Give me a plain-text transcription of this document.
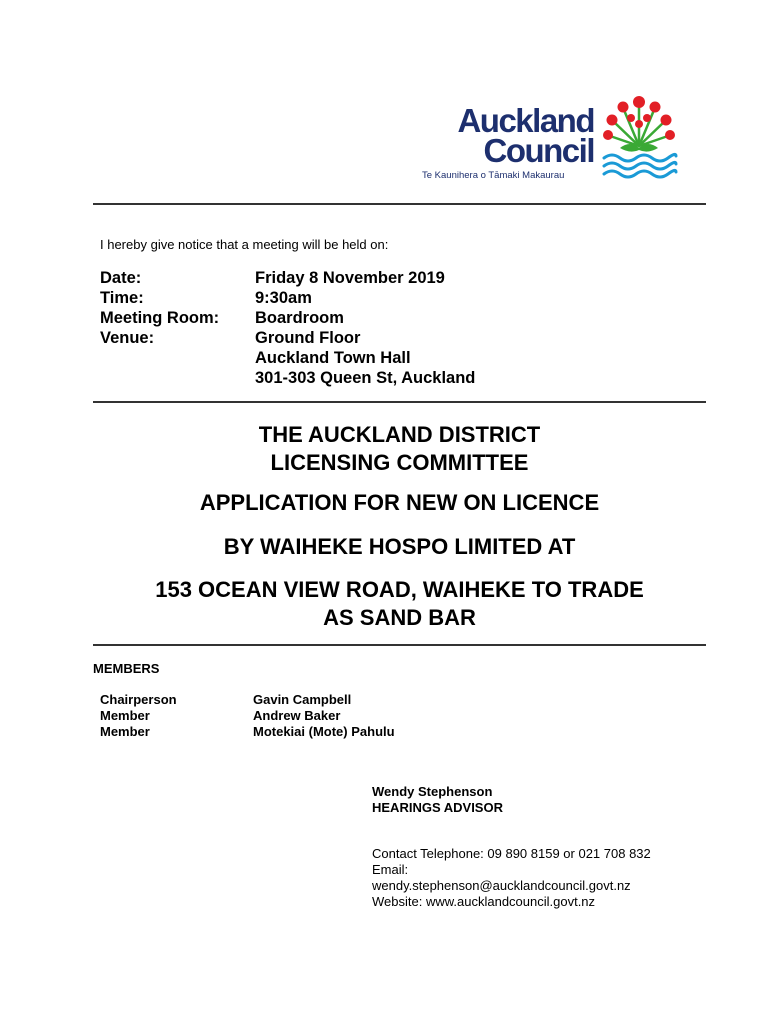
Auckland
Council
Te Kaunihera o Tāmaki Makaurau
I hereby give notice that a meeting will be held on:
Date:	Friday 8 November 2019
Time:	9:30am
Meeting Room:	Boardroom
Venue:	Ground Floor
Auckland Town Hall
301-303 Queen St, Auckland
THE AUCKLAND DISTRICT
LICENSING COMMITTEE
APPLICATION FOR NEW ON LICENCE
BY WAIHEKE HOSPO LIMITED AT
153 OCEAN VIEW ROAD, WAIHEKE TO TRADE
AS SAND BAR
MEMBERS
Chairperson	Gavin Campbell
Member	Andrew Baker
Member	Motekiai (Mote) Pahulu
Wendy Stephenson
HEARINGS ADVISOR
Contact Telephone: 09 890 8159 or 021 708 832
Email:
wendy.stephenson@aucklandcouncil.govt.nz
Website: www.aucklandcouncil.govt.nz
